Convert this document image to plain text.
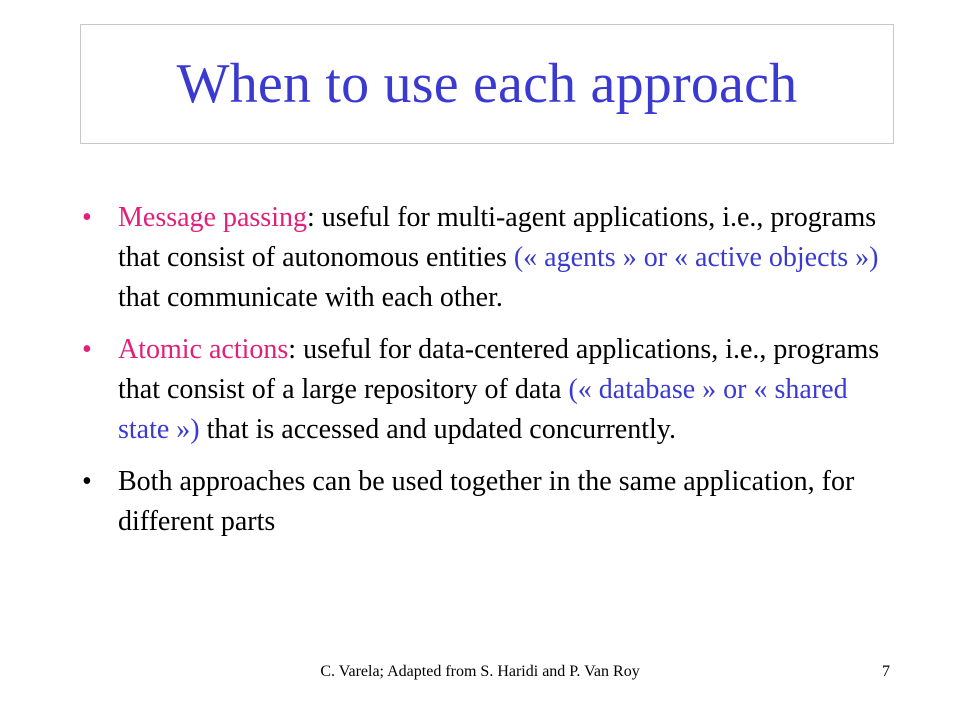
When to use each approach
• Message passing: useful for multi-agent applications, i.e., programs that consist of autonomous entities (« agents » or « active objects ») that communicate with each other.
• Atomic actions: useful for data-centered applications, i.e., programs that consist of a large repository of data (« database » or « shared state ») that is accessed and updated concurrently.
• Both approaches can be used together in the same application, for different parts
C. Varela; Adapted from S. Haridi and P. Van Roy	7
